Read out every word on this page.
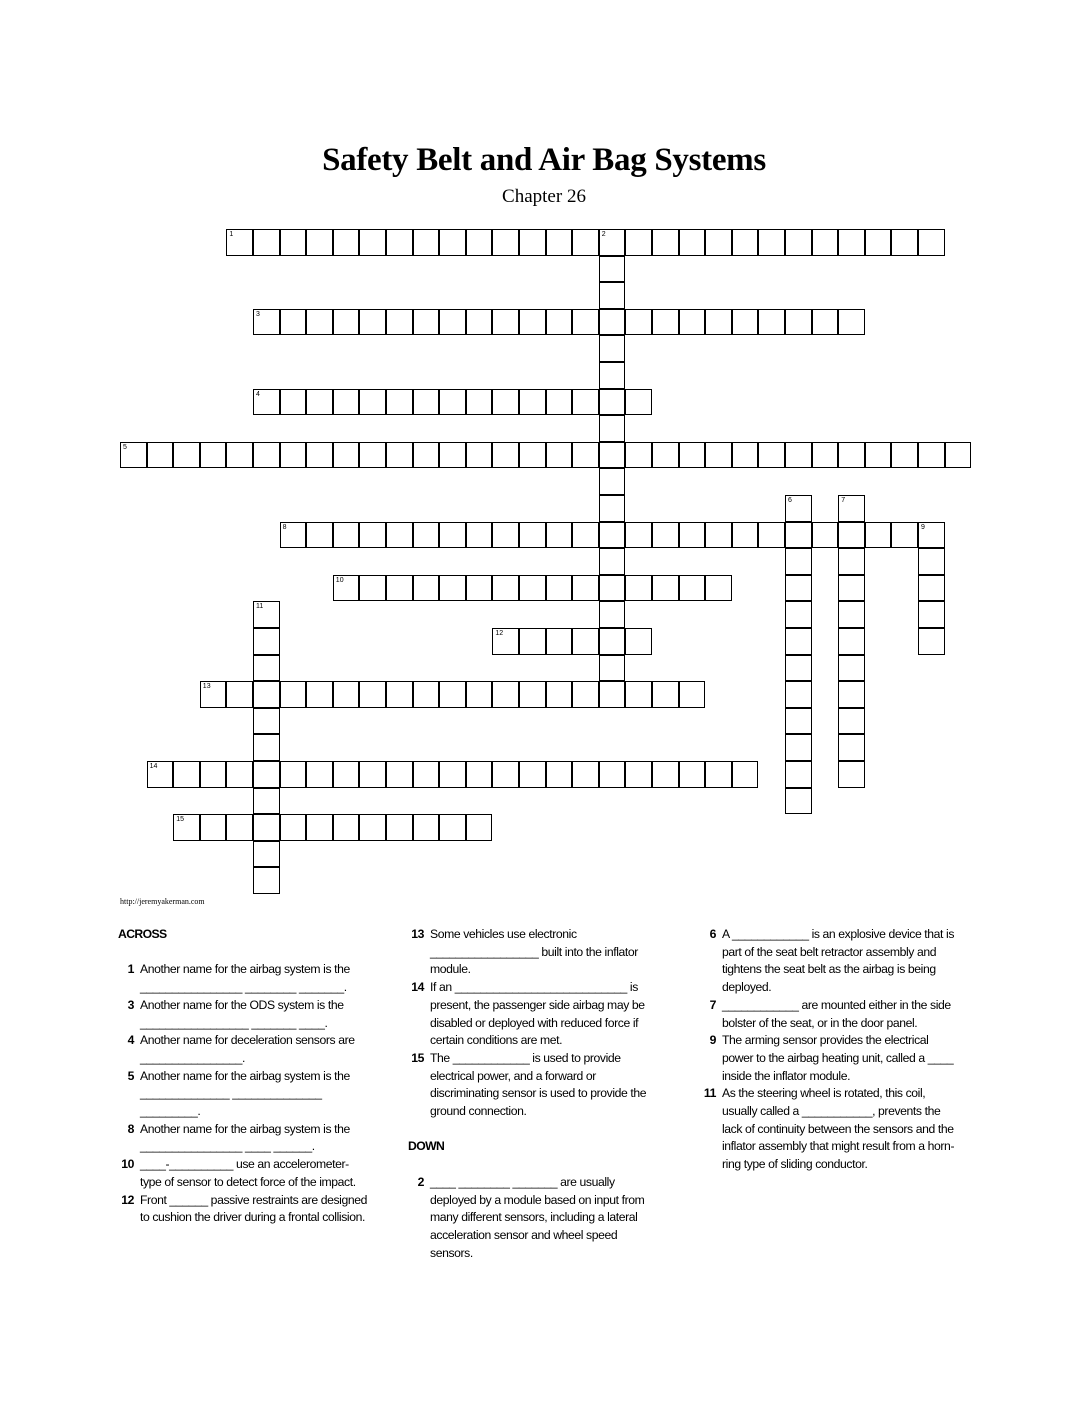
Safety Belt and Air Bag Systems
Chapter 26
1	2
3
4
5
6	7
8	9
10
11
12
13
14
15
http://jeremyakerman.com
ACROSS
1 Another name for the airbag system is the ________________ ________ _______.
3 Another name for the ODS system is the _________________ _______ ____.
4 Another name for deceleration sensors are ________________.
5 Another name for the airbag system is the ______________ ______________ _________.
8 Another name for the airbag system is the ________________ ____ ______.
10 ____-__________ use an accelerometer-type of sensor to detect force of the impact.
12 Front ______ passive restraints are designed to cushion the driver during a frontal collision.
13 Some vehicles use electronic _________________ built into the inflator module.
14 If an ___________________________ is present, the passenger side airbag may be disabled or deployed with reduced force if certain conditions are met.
15 The ____________ is used to provide electrical power, and a forward or discriminating sensor is used to provide the ground connection.
DOWN
2 ____ ________ _______ are usually deployed by a module based on input from many different sensors, including a lateral acceleration sensor and wheel speed sensors.
6 A ____________ is an explosive device that is part of the seat belt retractor assembly and tightens the seat belt as the airbag is being deployed.
7 ____________ are mounted either in the side bolster of the seat, or in the door panel.
9 The arming sensor provides the electrical power to the airbag heating unit, called a ____ inside the inflator module.
11 As the steering wheel is rotated, this coil, usually called a ___________, prevents the lack of continuity between the sensors and the inflator assembly that might result from a horn-ring type of sliding conductor.
